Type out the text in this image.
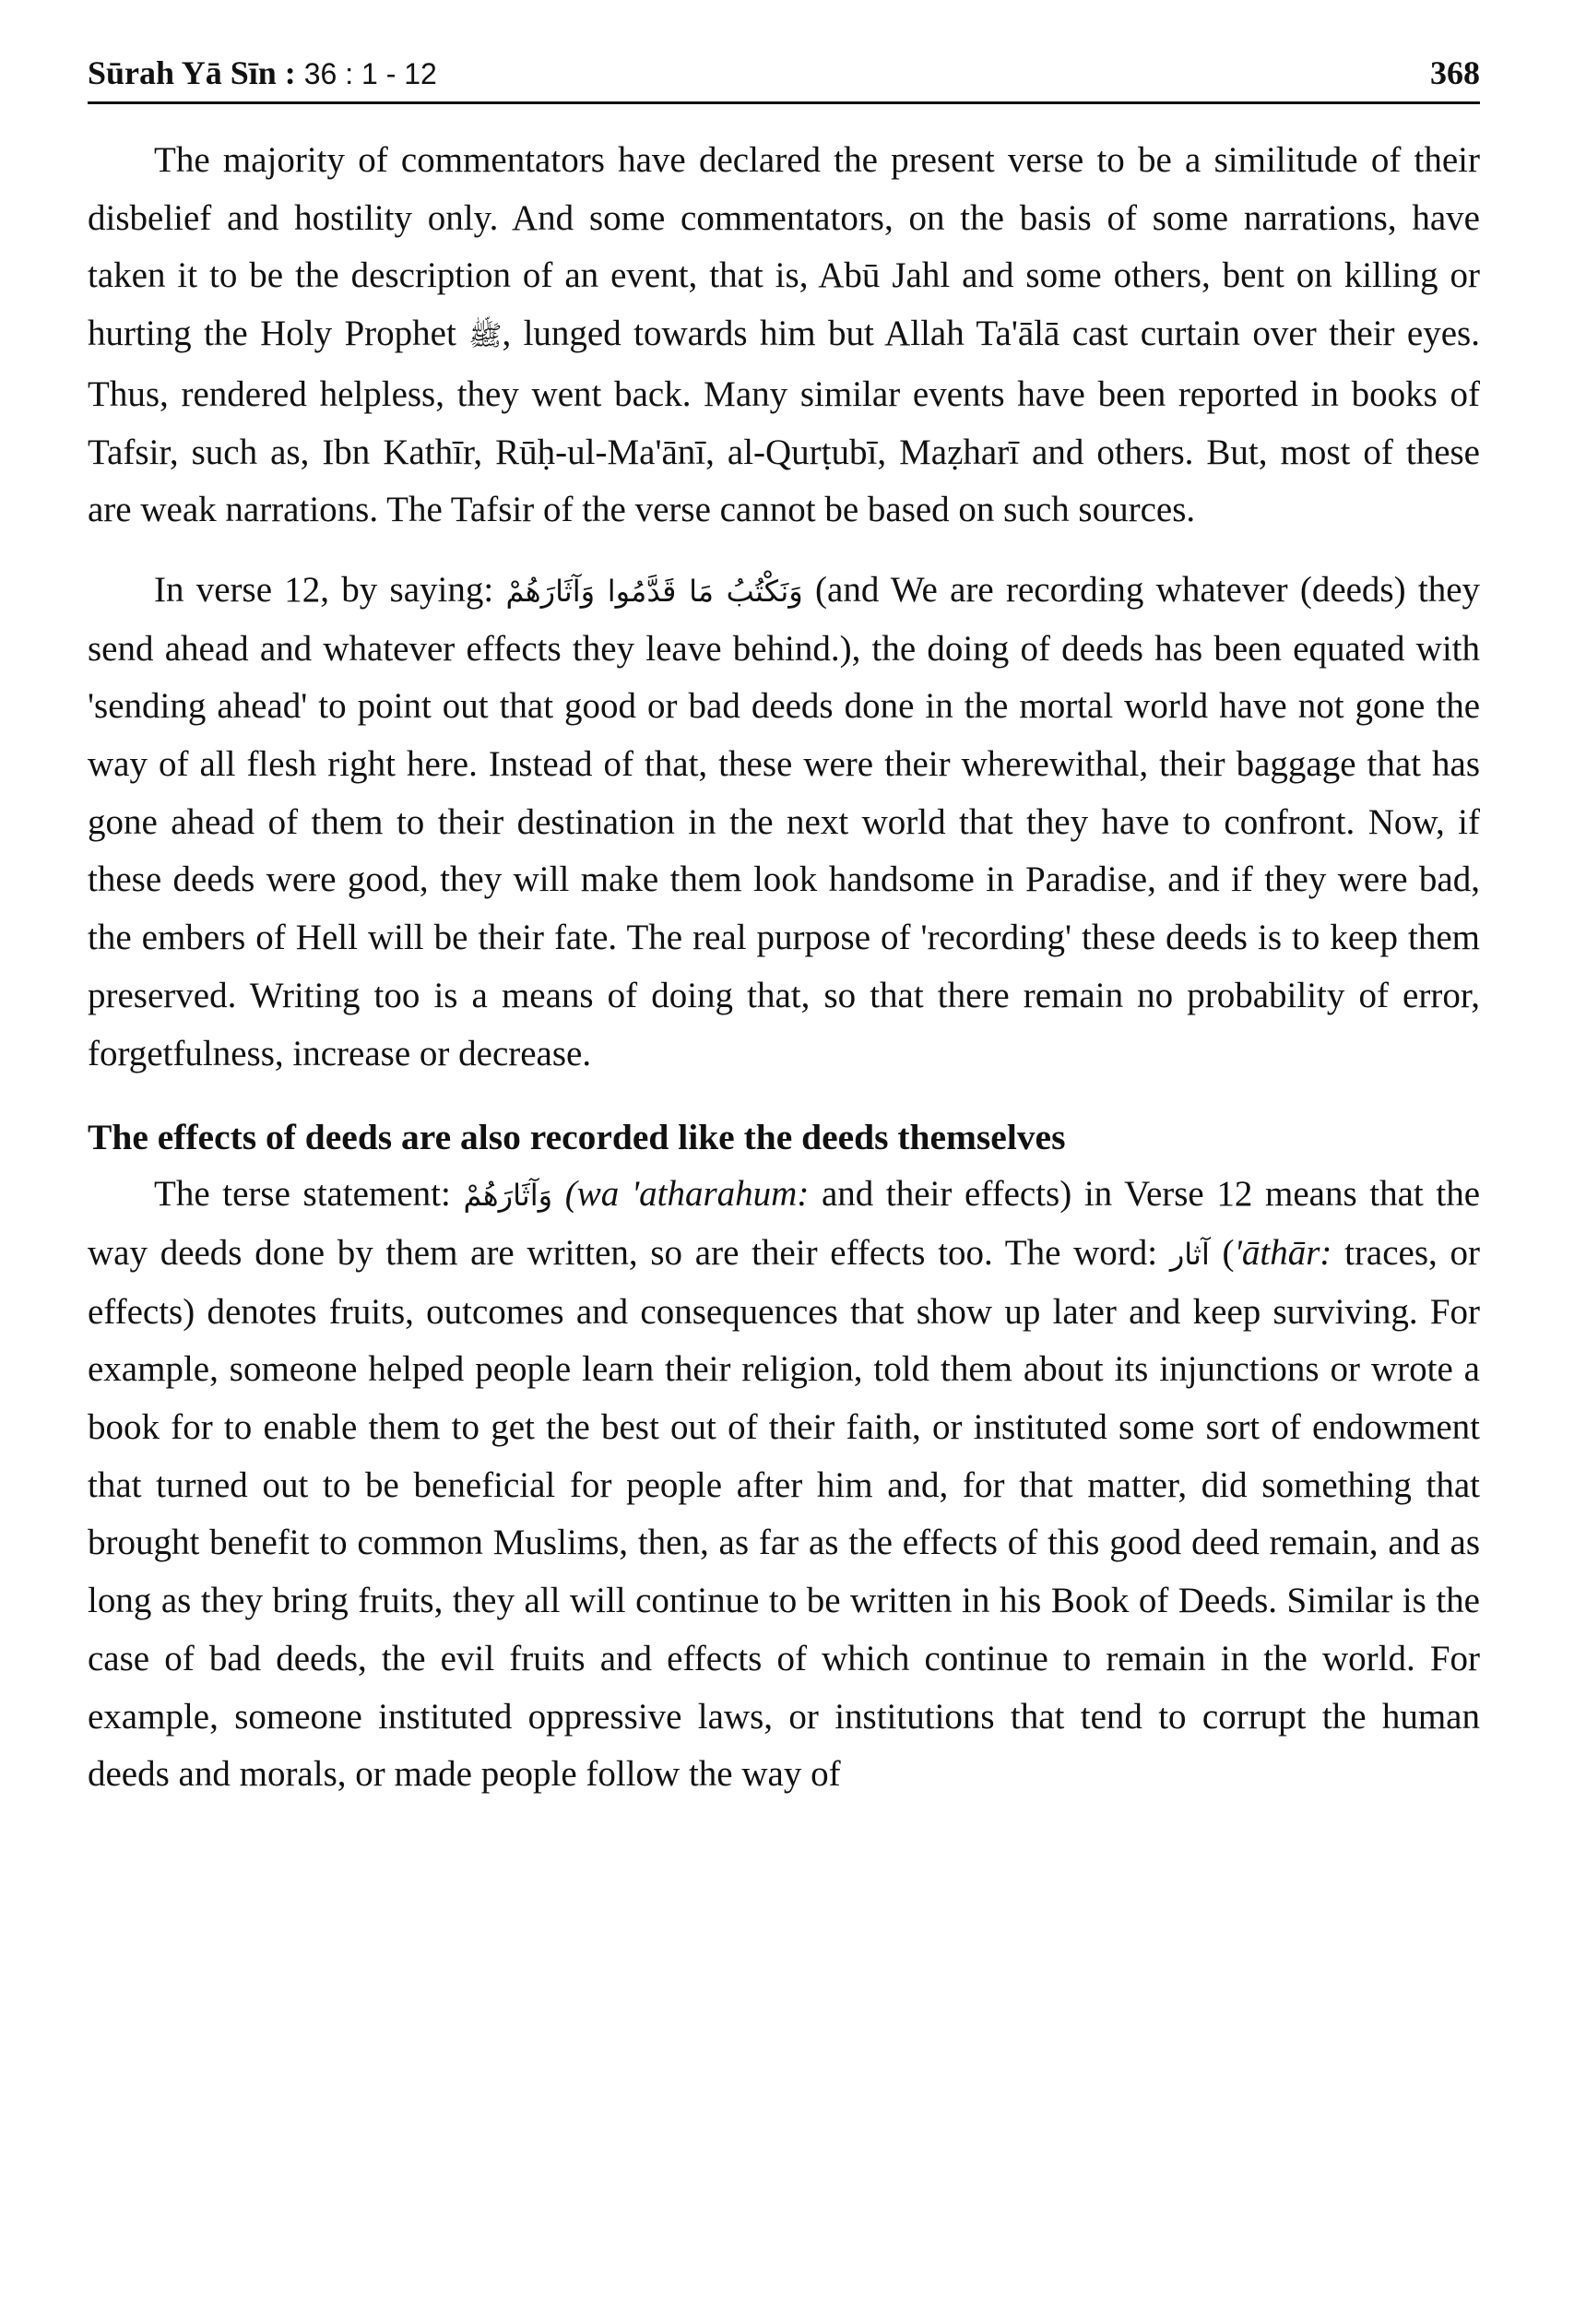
Sūrah Yā Sīn : 36 : 1 - 12	368

The majority of commentators have declared the present verse to be a similitude of their disbelief and hostility only. And some commentators, on the basis of some narrations, have taken it to be the description of an event, that is, Abū Jahl and some others, bent on killing or hurting the Holy Prophet ﷺ, lunged towards him but Allah Ta'ālā cast curtain over their eyes. Thus, rendered helpless, they went back. Many similar events have been reported in books of Tafsir, such as, Ibn Kathīr, Rūḥ-ul-Ma'ānī, al-Qurṭubī, Maẓharī and others. But, most of these are weak narrations. The Tafsir of the verse cannot be based on such sources.

In verse 12, by saying: وَنَكْتُبُ مَا قَدَّمُوا وَآثَارَهُمْ (and We are recording whatever (deeds) they send ahead and whatever effects they leave behind.), the doing of deeds has been equated with 'sending ahead' to point out that good or bad deeds done in the mortal world have not gone the way of all flesh right here. Instead of that, these were their wherewithal, their baggage that has gone ahead of them to their destination in the next world that they have to confront. Now, if these deeds were good, they will make them look handsome in Paradise, and if they were bad, the embers of Hell will be their fate. The real purpose of 'recording' these deeds is to keep them preserved. Writing too is a means of doing that, so that there remain no probability of error, forgetfulness, increase or decrease.

The effects of deeds are also recorded like the deeds themselves

The terse statement: وَآثَارَهُمْ (wa 'atharahum: and their effects) in Verse 12 means that the way deeds done by them are written, so are their effects too. The word: آثار ('āthār: traces, or effects) denotes fruits, outcomes and consequences that show up later and keep surviving. For example, someone helped people learn their religion, told them about its injunctions or wrote a book for to enable them to get the best out of their faith, or instituted some sort of endowment that turned out to be beneficial for people after him and, for that matter, did something that brought benefit to common Muslims, then, as far as the effects of this good deed remain, and as long as they bring fruits, they all will continue to be written in his Book of Deeds. Similar is the case of bad deeds, the evil fruits and effects of which continue to remain in the world. For example, someone instituted oppressive laws, or institutions that tend to corrupt the human deeds and morals, or made people follow the way of
